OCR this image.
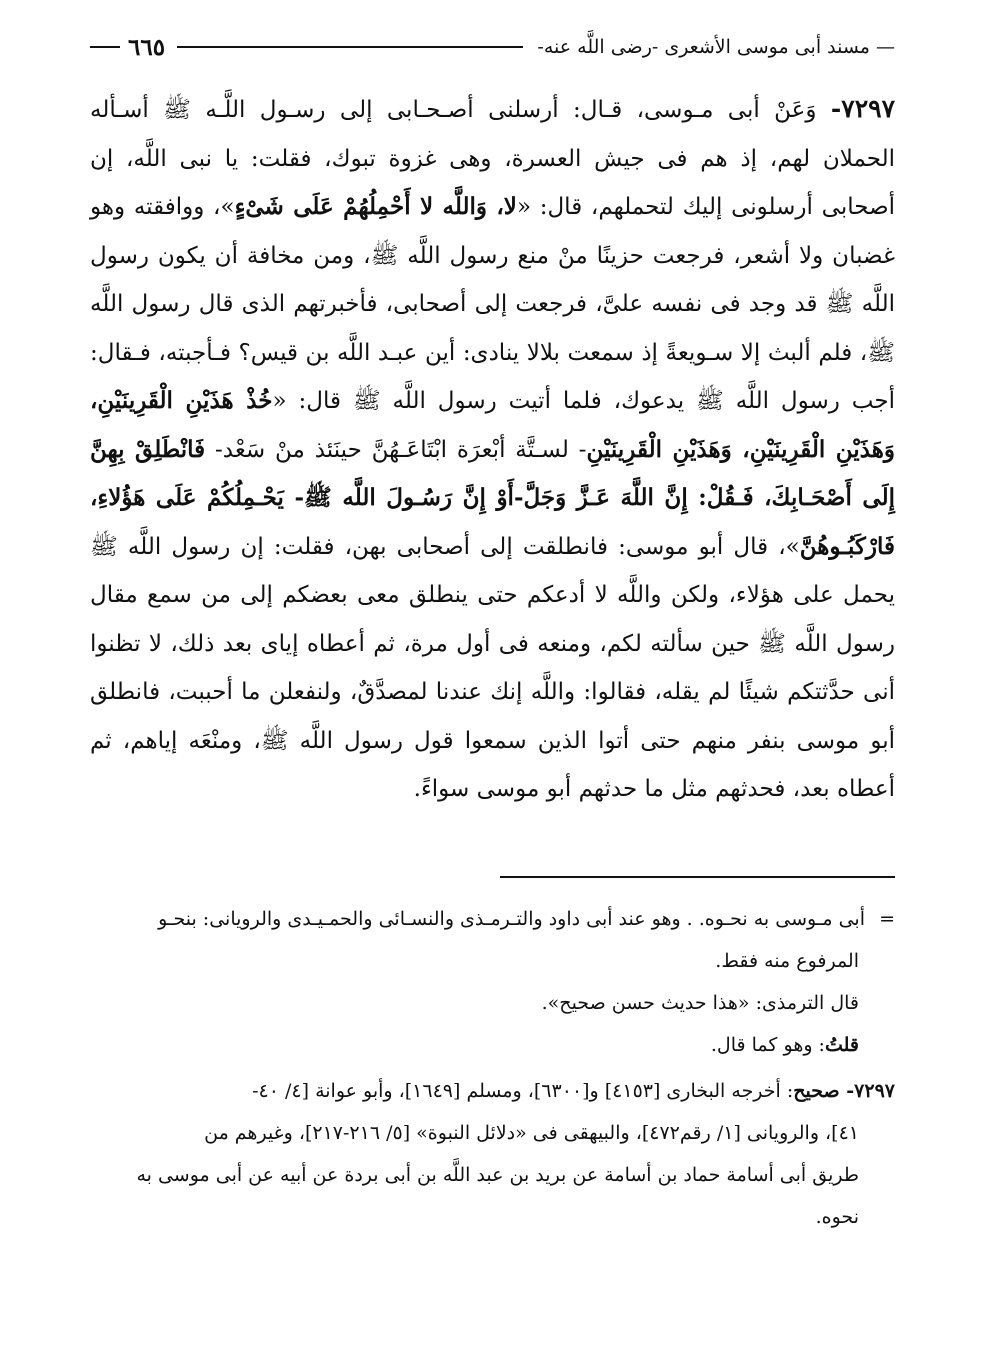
—
مسند أبى موسى الأشعرى -رضى اللَّه عنه-
٦٦٥
٧٢٩٧- وَعَنْ أبى مـوسى، قـال: أرسلنى أصـحـابى إلى رسـول اللَّـه ﷺ أسـأله الحملان لهم، إذ هم فى جيش العسرة، وهى غزوة تبوك، فقلت: يا نبى اللَّه، إن أصحابى أرسلونى إليك لتحملهم، قال: «لا، وَاللَّه لا أَحْمِلُهُمْ عَلَى شَىْءٍ»، ووافقته وهو غضبان ولا أشعر، فرجعت حزينًا منْ منع رسول اللَّه ﷺ، ومن مخافة أن يكون رسول اللَّه ﷺ قد وجد فى نفسه علىَّ، فرجعت إلى أصحابى، فأخبرتهم الذى قال رسول اللَّه ﷺ، فلم ألبث إلا سـويعةً إذ سمعت بلالا ينادى: أين عبـد اللَّه بن قيس؟ فـأجبته، فـقال: أجب رسول اللَّه ﷺ يدعوك، فلما أتيت رسول اللَّه ﷺ قال: «خُذْ هَذَيْنِ الْقَرِينَيْنِ، وَهَذَيْنِ الْقَرِينَيْنِ، وَهَذَيْنِ الْقَرِينَيْنِ- لسـتَّة أبْعرَة ابْتَاعَـهُنَّ حينَئذ منْ سَعْد- فَانْطَلِقْ بِهِنَّ إِلَى أَصْحَـابِكَ، فَـقُلْ: إِنَّ اللَّهَ عَـزَّ وَجَلَّ-أَوْ إِنَّ رَسُـولَ اللَّه ﷺ- يَحْـمِلُكُمْ عَلَى هَؤُلاءِ، فَارْكَبُـوهُنَّ»، قال أبو موسى: فانطلقت إلى أصحابى بهن، فقلت: إن رسول اللَّه ﷺ يحمل على هؤلاء، ولكن واللَّه لا أدعكم حتى ينطلق معى بعضكم إلى من سمع مقال رسول اللَّه ﷺ حين سألته لكم، ومنعه فى أول مرة، ثم أعطاه إياى بعد ذلك، لا تظنوا أنى حدَّثتكم شيئًا لم يقله، فقالوا: واللَّه إنك عندنا لمصدَّقٌ، ولنفعلن ما أحببت، فانطلق أبو موسى بنفر منهم حتى أتوا الذين سمعوا قول رسول اللَّه ﷺ، ومنْعَه إياهم، ثم أعطاه بعد، فحدثهم مثل ما حدثهم أبو موسى سواءً.
=أبى مـوسى به نحـوه. . وهو عند أبى داود والتـرمـذى والنسـائى والحمـيـدى والرويانى: بنحـو
المرفوع منه فقط.
قال الترمذى: «هذا حديث حسن صحيح».
قلتُ: وهو كما قال.
٧٢٩٧- صحيح: أخرجه البخارى [٤١٥٣] و[٦٣٠٠]، ومسلم [١٦٤٩]، وأبو عوانة [٤/ ٤٠-
٤١]، والرويانى [١/ رقم٤٧٢]، والبيهقى فى «دلائل النبوة» [٥/ ٢١٦-٢١٧]، وغيرهم من
طريق أبى أسامة حماد بن أسامة عن بريد بن عبد اللَّه بن أبى بردة عن أبيه عن أبى موسى به
نحوه.
